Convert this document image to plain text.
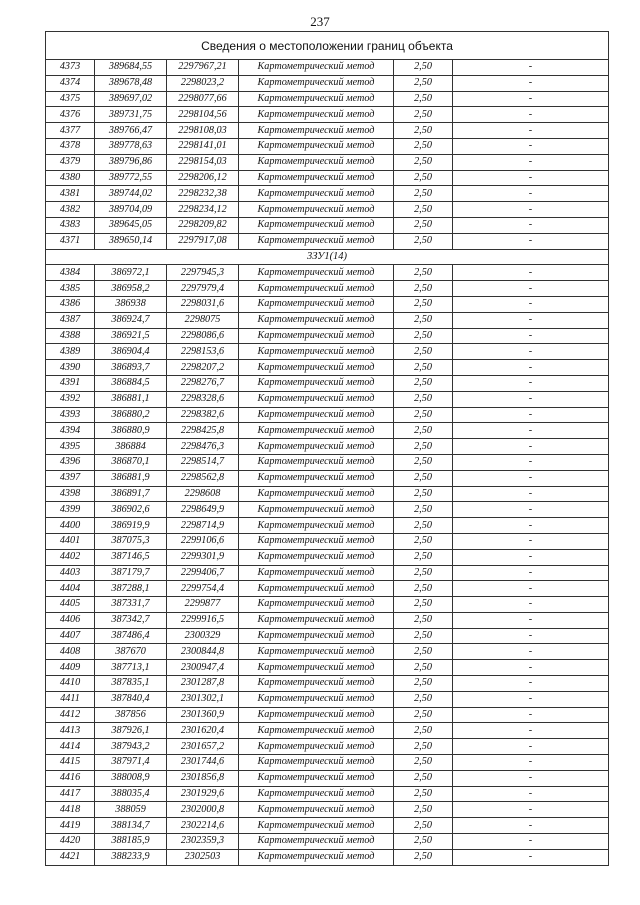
237
Сведения о местоположении границ объекта
4373	389684,55	2297967,21	Картометрический метод	2,50	-
4374	389678,48	2298023,2	Картометрический метод	2,50	-
4375	389697,02	2298077,66	Картометрический метод	2,50	-
4376	389731,75	2298104,56	Картометрический метод	2,50	-
4377	389766,47	2298108,03	Картометрический метод	2,50	-
4378	389778,63	2298141,01	Картометрический метод	2,50	-
4379	389796,86	2298154,03	Картометрический метод	2,50	-
4380	389772,55	2298206,12	Картометрический метод	2,50	-
4381	389744,02	2298232,38	Картометрический метод	2,50	-
4382	389704,09	2298234,12	Картометрический метод	2,50	-
4383	389645,05	2298209,82	Картометрический метод	2,50	-
4371	389650,14	2297917,08	Картометрический метод	2,50	-
3ЗУ1(14)					
4384	386972,1	2297945,3	Картометрический метод	2,50	-
4385	386958,2	2297979,4	Картометрический метод	2,50	-
4386	386938	2298031,6	Картометрический метод	2,50	-
4387	386924,7	2298075	Картометрический метод	2,50	-
4388	386921,5	2298086,6	Картометрический метод	2,50	-
4389	386904,4	2298153,6	Картометрический метод	2,50	-
4390	386893,7	2298207,2	Картометрический метод	2,50	-
4391	386884,5	2298276,7	Картометрический метод	2,50	-
4392	386881,1	2298328,6	Картометрический метод	2,50	-
4393	386880,2	2298382,6	Картометрический метод	2,50	-
4394	386880,9	2298425,8	Картометрический метод	2,50	-
4395	386884	2298476,3	Картометрический метод	2,50	-
4396	386870,1	2298514,7	Картометрический метод	2,50	-
4397	386881,9	2298562,8	Картометрический метод	2,50	-
4398	386891,7	2298608	Картометрический метод	2,50	-
4399	386902,6	2298649,9	Картометрический метод	2,50	-
4400	386919,9	2298714,9	Картометрический метод	2,50	-
4401	387075,3	2299106,6	Картометрический метод	2,50	-
4402	387146,5	2299301,9	Картометрический метод	2,50	-
4403	387179,7	2299406,7	Картометрический метод	2,50	-
4404	387288,1	2299754,4	Картометрический метод	2,50	-
4405	387331,7	2299877	Картометрический метод	2,50	-
4406	387342,7	2299916,5	Картометрический метод	2,50	-
4407	387486,4	2300329	Картометрический метод	2,50	-
4408	387670	2300844,8	Картометрический метод	2,50	-
4409	387713,1	2300947,4	Картометрический метод	2,50	-
4410	387835,1	2301287,8	Картометрический метод	2,50	-
4411	387840,4	2301302,1	Картометрический метод	2,50	-
4412	387856	2301360,9	Картометрический метод	2,50	-
4413	387926,1	2301620,4	Картометрический метод	2,50	-
4414	387943,2	2301657,2	Картометрический метод	2,50	-
4415	387971,4	2301744,6	Картометрический метод	2,50	-
4416	388008,9	2301856,8	Картометрический метод	2,50	-
4417	388035,4	2301929,6	Картометрический метод	2,50	-
4418	388059	2302000,8	Картометрический метод	2,50	-
4419	388134,7	2302214,6	Картометрический метод	2,50	-
4420	388185,9	2302359,3	Картометрический метод	2,50	-
4421	388233,9	2302503	Картометрический метод	2,50	-
